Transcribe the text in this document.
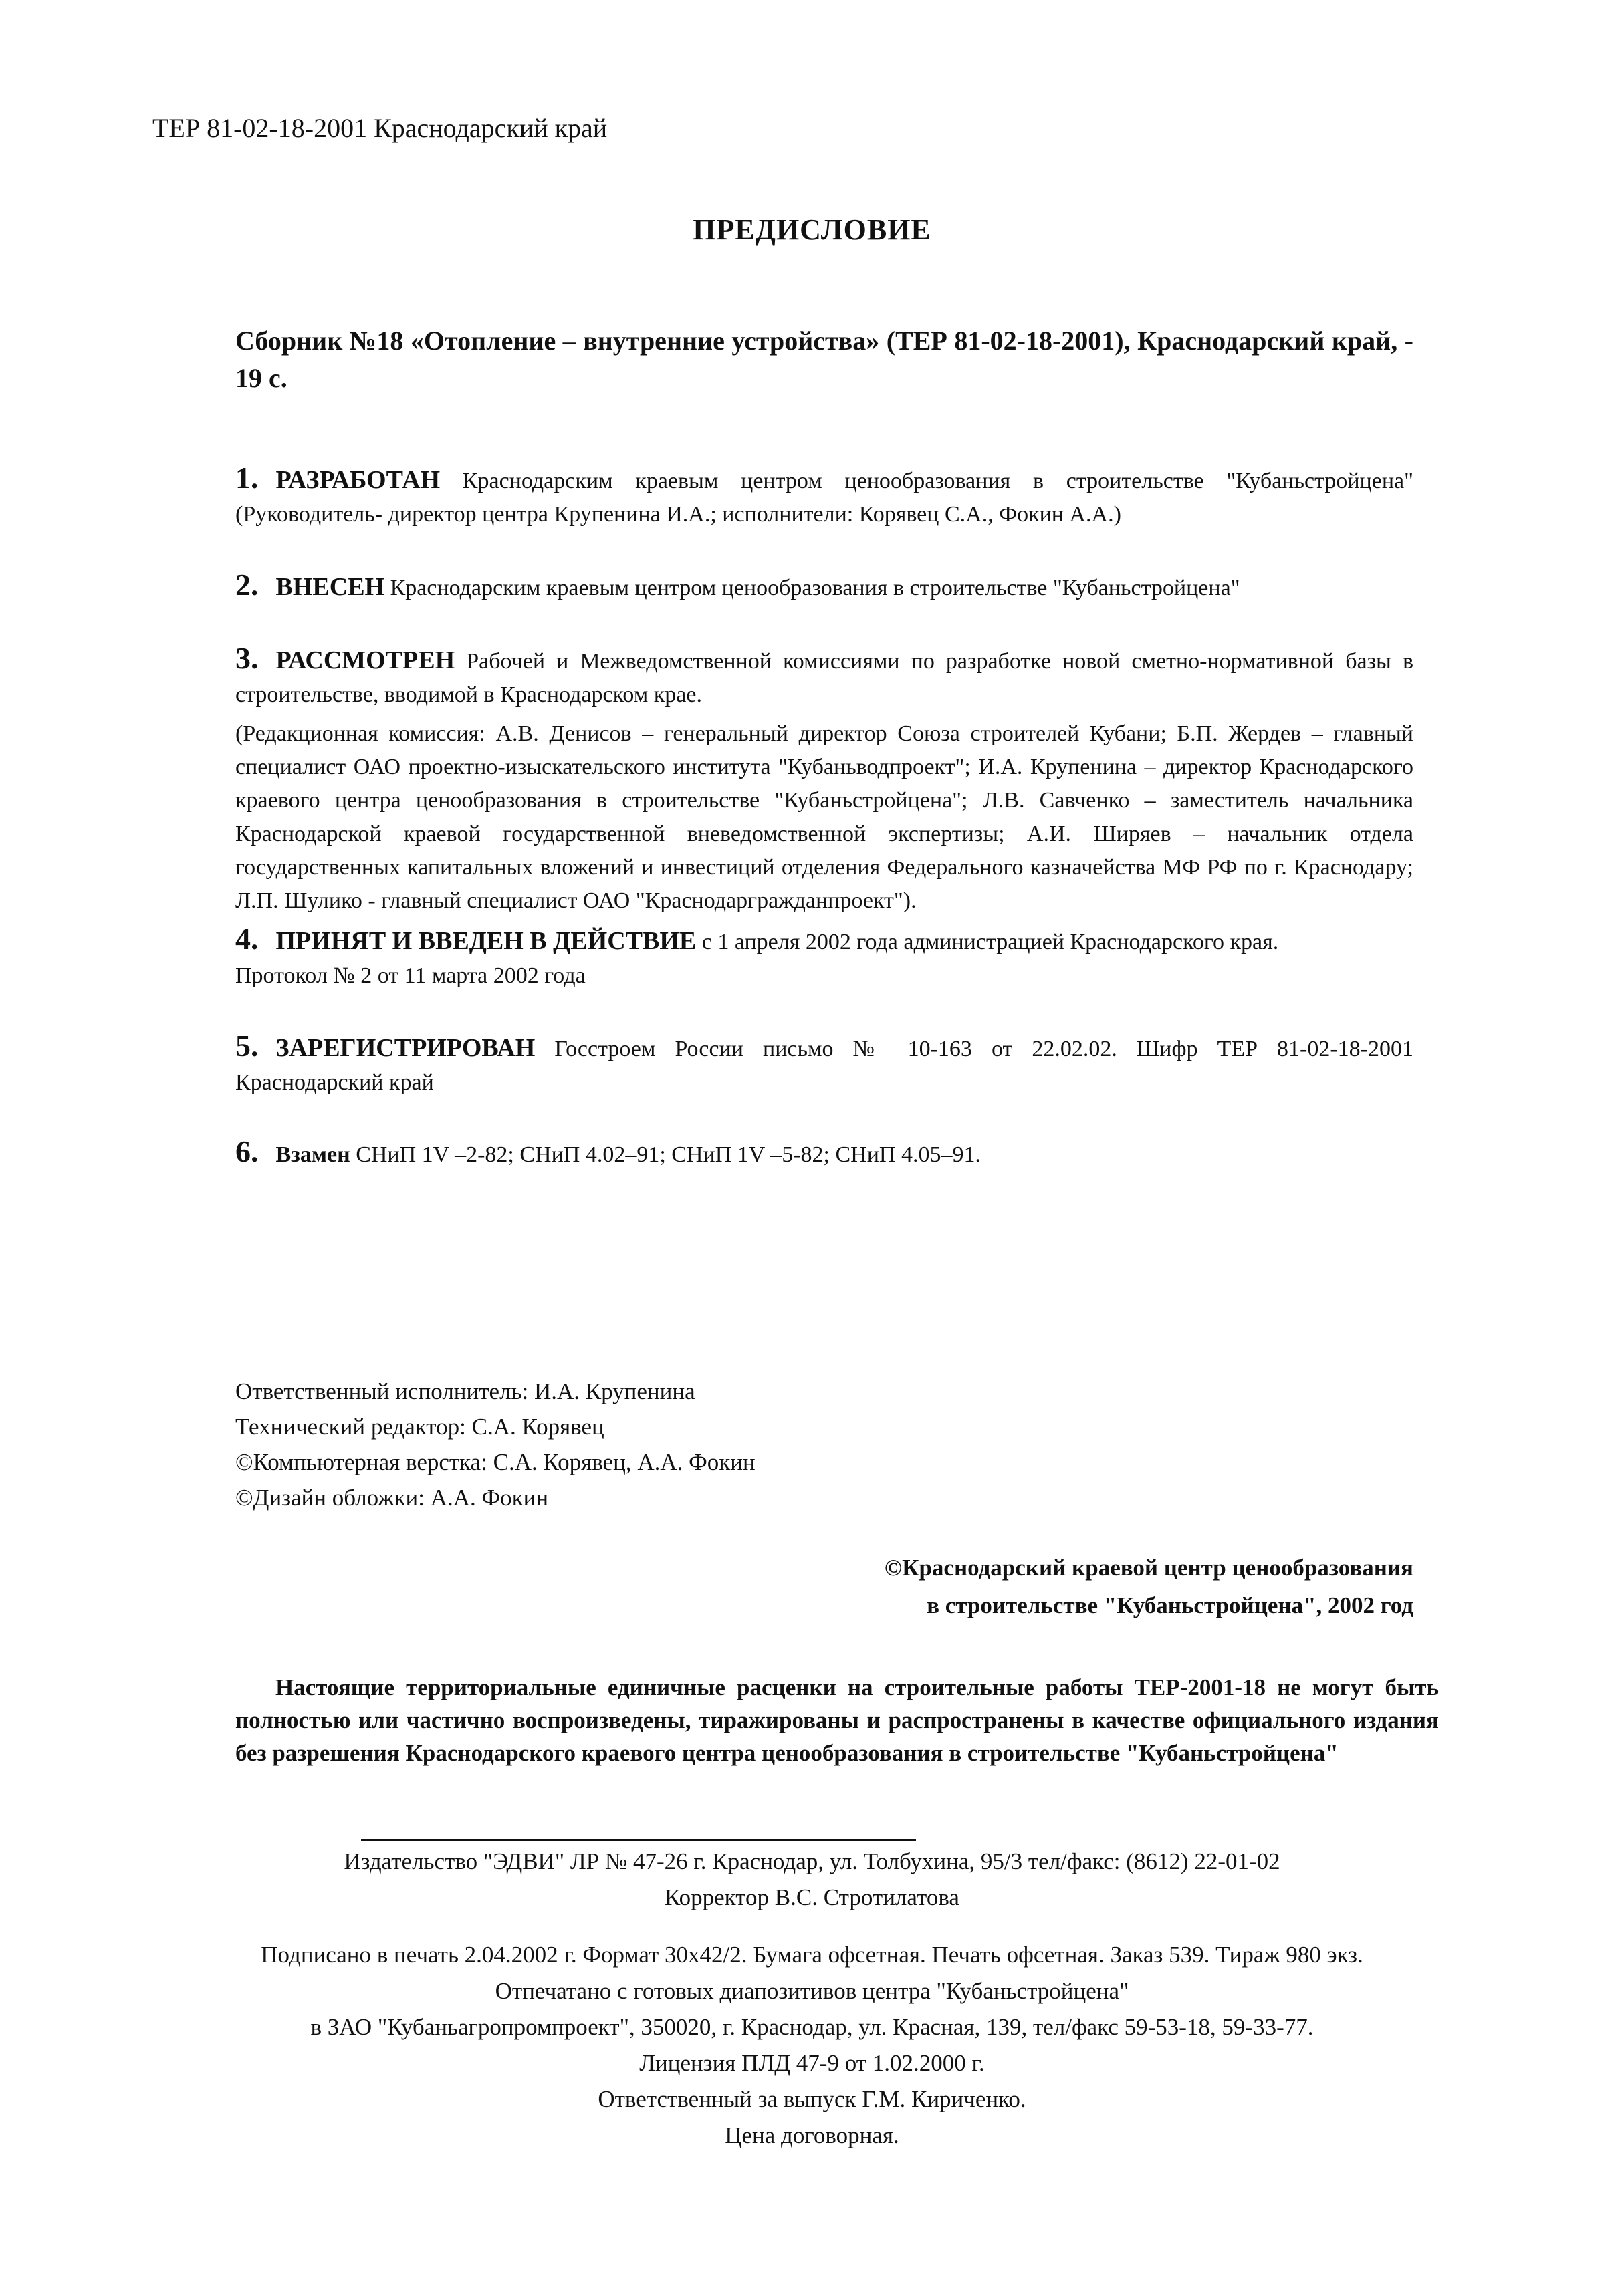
ТЕР 81-02-18-2001 Краснодарский край
ПРЕДИСЛОВИЕ
Сборник №18 «Отопление – внутренние устройства» (ТЕР 81-02-18-2001), Краснодарский край, - 19 с.
1. РАЗРАБОТАН Краснодарским краевым центром ценообразования в строительстве "Кубаньстройцена" (Руководитель- директор центра Крупенина И.А.; исполнители: Корявец С.А., Фокин А.А.)
2. ВНЕСЕН Краснодарским краевым центром ценообразования в строительстве "Кубаньстройцена"
3. РАССМОТРЕН Рабочей и Межведомственной комиссиями по разработке новой сметно-нормативной базы в строительстве, вводимой в Краснодарском крае.
(Редакционная комиссия: А.В. Денисов – генеральный директор Союза строителей Кубани; Б.П. Жердев – главный специалист ОАО проектно-изыскательского института "Кубаньводпроект"; И.А. Крупенина – директор Краснодарского краевого центра ценообразования в строительстве "Кубаньстройцена"; Л.В. Савченко – заместитель начальника Краснодарской краевой государственной вневедомственной экспертизы; А.И. Ширяев – начальник отдела государственных капитальных вложений и инвестиций отделения Федерального казначейства МФ РФ по г. Краснодару; Л.П. Шулико - главный специалист ОАО "Краснодаргражданпроект").
4. ПРИНЯТ И ВВЕДЕН В ДЕЙСТВИЕ с 1 апреля 2002 года администрацией Краснодарского края.
Протокол № 2 от 11 марта 2002 года
5. ЗАРЕГИСТРИРОВАН Госстроем России письмо № 10-163 от 22.02.02. Шифр ТЕР 81-02-18-2001 Краснодарский край
6. Взамен СНиП 1V –2-82; СНиП 4.02–91; СНиП 1V –5-82; СНиП 4.05–91.
Ответственный исполнитель: И.А. Крупенина
Технический редактор: С.А. Корявец
©Компьютерная верстка: С.А. Корявец, А.А. Фокин
©Дизайн обложки: А.А. Фокин
©Краснодарский краевой центр ценообразования
в строительстве "Кубаньстройцена", 2002 год
Настоящие территориальные единичные расценки на строительные работы ТЕР-2001-18 не могут быть полностью или частично воспроизведены, тиражированы и распространены в качестве официального издания без разрешения Краснодарского краевого центра ценообразования в строительстве "Кубаньстройцена"
Издательство "ЭДВИ" ЛР № 47-26 г. Краснодар, ул. Толбухина, 95/3 тел/факс: (8612) 22-01-02
Корректор В.С. Стротилатова
Подписано в печать 2.04.2002 г. Формат 30х42/2. Бумага офсетная. Печать офсетная. Заказ 539. Тираж 980 экз.
Отпечатано с готовых диапозитивов центра "Кубаньстройцена"
в ЗАО "Кубаньагропромпроект", 350020, г. Краснодар, ул. Красная, 139, тел/факс 59-53-18, 59-33-77.
Лицензия ПЛД 47-9 от 1.02.2000 г.
Ответственный за выпуск Г.М. Кириченко.
Цена договорная.
